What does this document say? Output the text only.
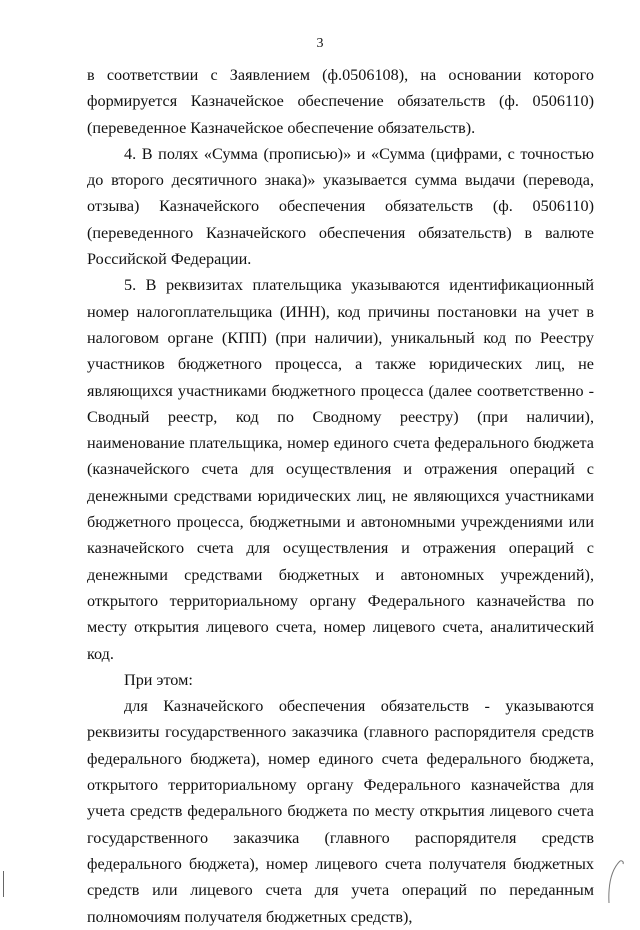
3

в соответствии с Заявлением (ф.0506108), на основании которого формируется Казначейское обеспечение обязательств (ф. 0506110) (переведенное Казначейское обеспечение обязательств).

4. В полях «Сумма (прописью)» и «Сумма (цифрами, с точностью до второго десятичного знака)» указывается сумма выдачи (перевода, отзыва) Казначейского обеспечения обязательств (ф. 0506110) (переведенного Казначейского обеспечения обязательств) в валюте Российской Федерации.

5. В реквизитах плательщика указываются идентификационный номер налогоплательщика (ИНН), код причины постановки на учет в налоговом органе (КПП) (при наличии), уникальный код по Реестру участников бюджетного процесса, а также юридических лиц, не являющихся участниками бюджетного процесса (далее соответственно - Сводный реестр, код по Сводному реестру) (при наличии), наименование плательщика, номер единого счета федерального бюджета (казначейского счета для осуществления и отражения операций с денежными средствами юридических лиц, не являющихся участниками бюджетного процесса, бюджетными и автономными учреждениями или казначейского счета для осуществления и отражения операций с денежными средствами бюджетных и автономных учреждений), открытого территориальному органу Федерального казначейства по месту открытия лицевого счета, номер лицевого счета, аналитический код.

При этом:

для Казначейского обеспечения обязательств - указываются реквизиты государственного заказчика (главного распорядителя средств федерального бюджета), номер единого счета федерального бюджета, открытого территориальному органу Федерального казначейства для учета средств федерального бюджета по месту открытия лицевого счета государственного заказчика (главного распорядителя средств федерального бюджета), номер лицевого счета получателя бюджетных средств или лицевого счета для учета операций по переданным полномочиям получателя бюджетных средств),
